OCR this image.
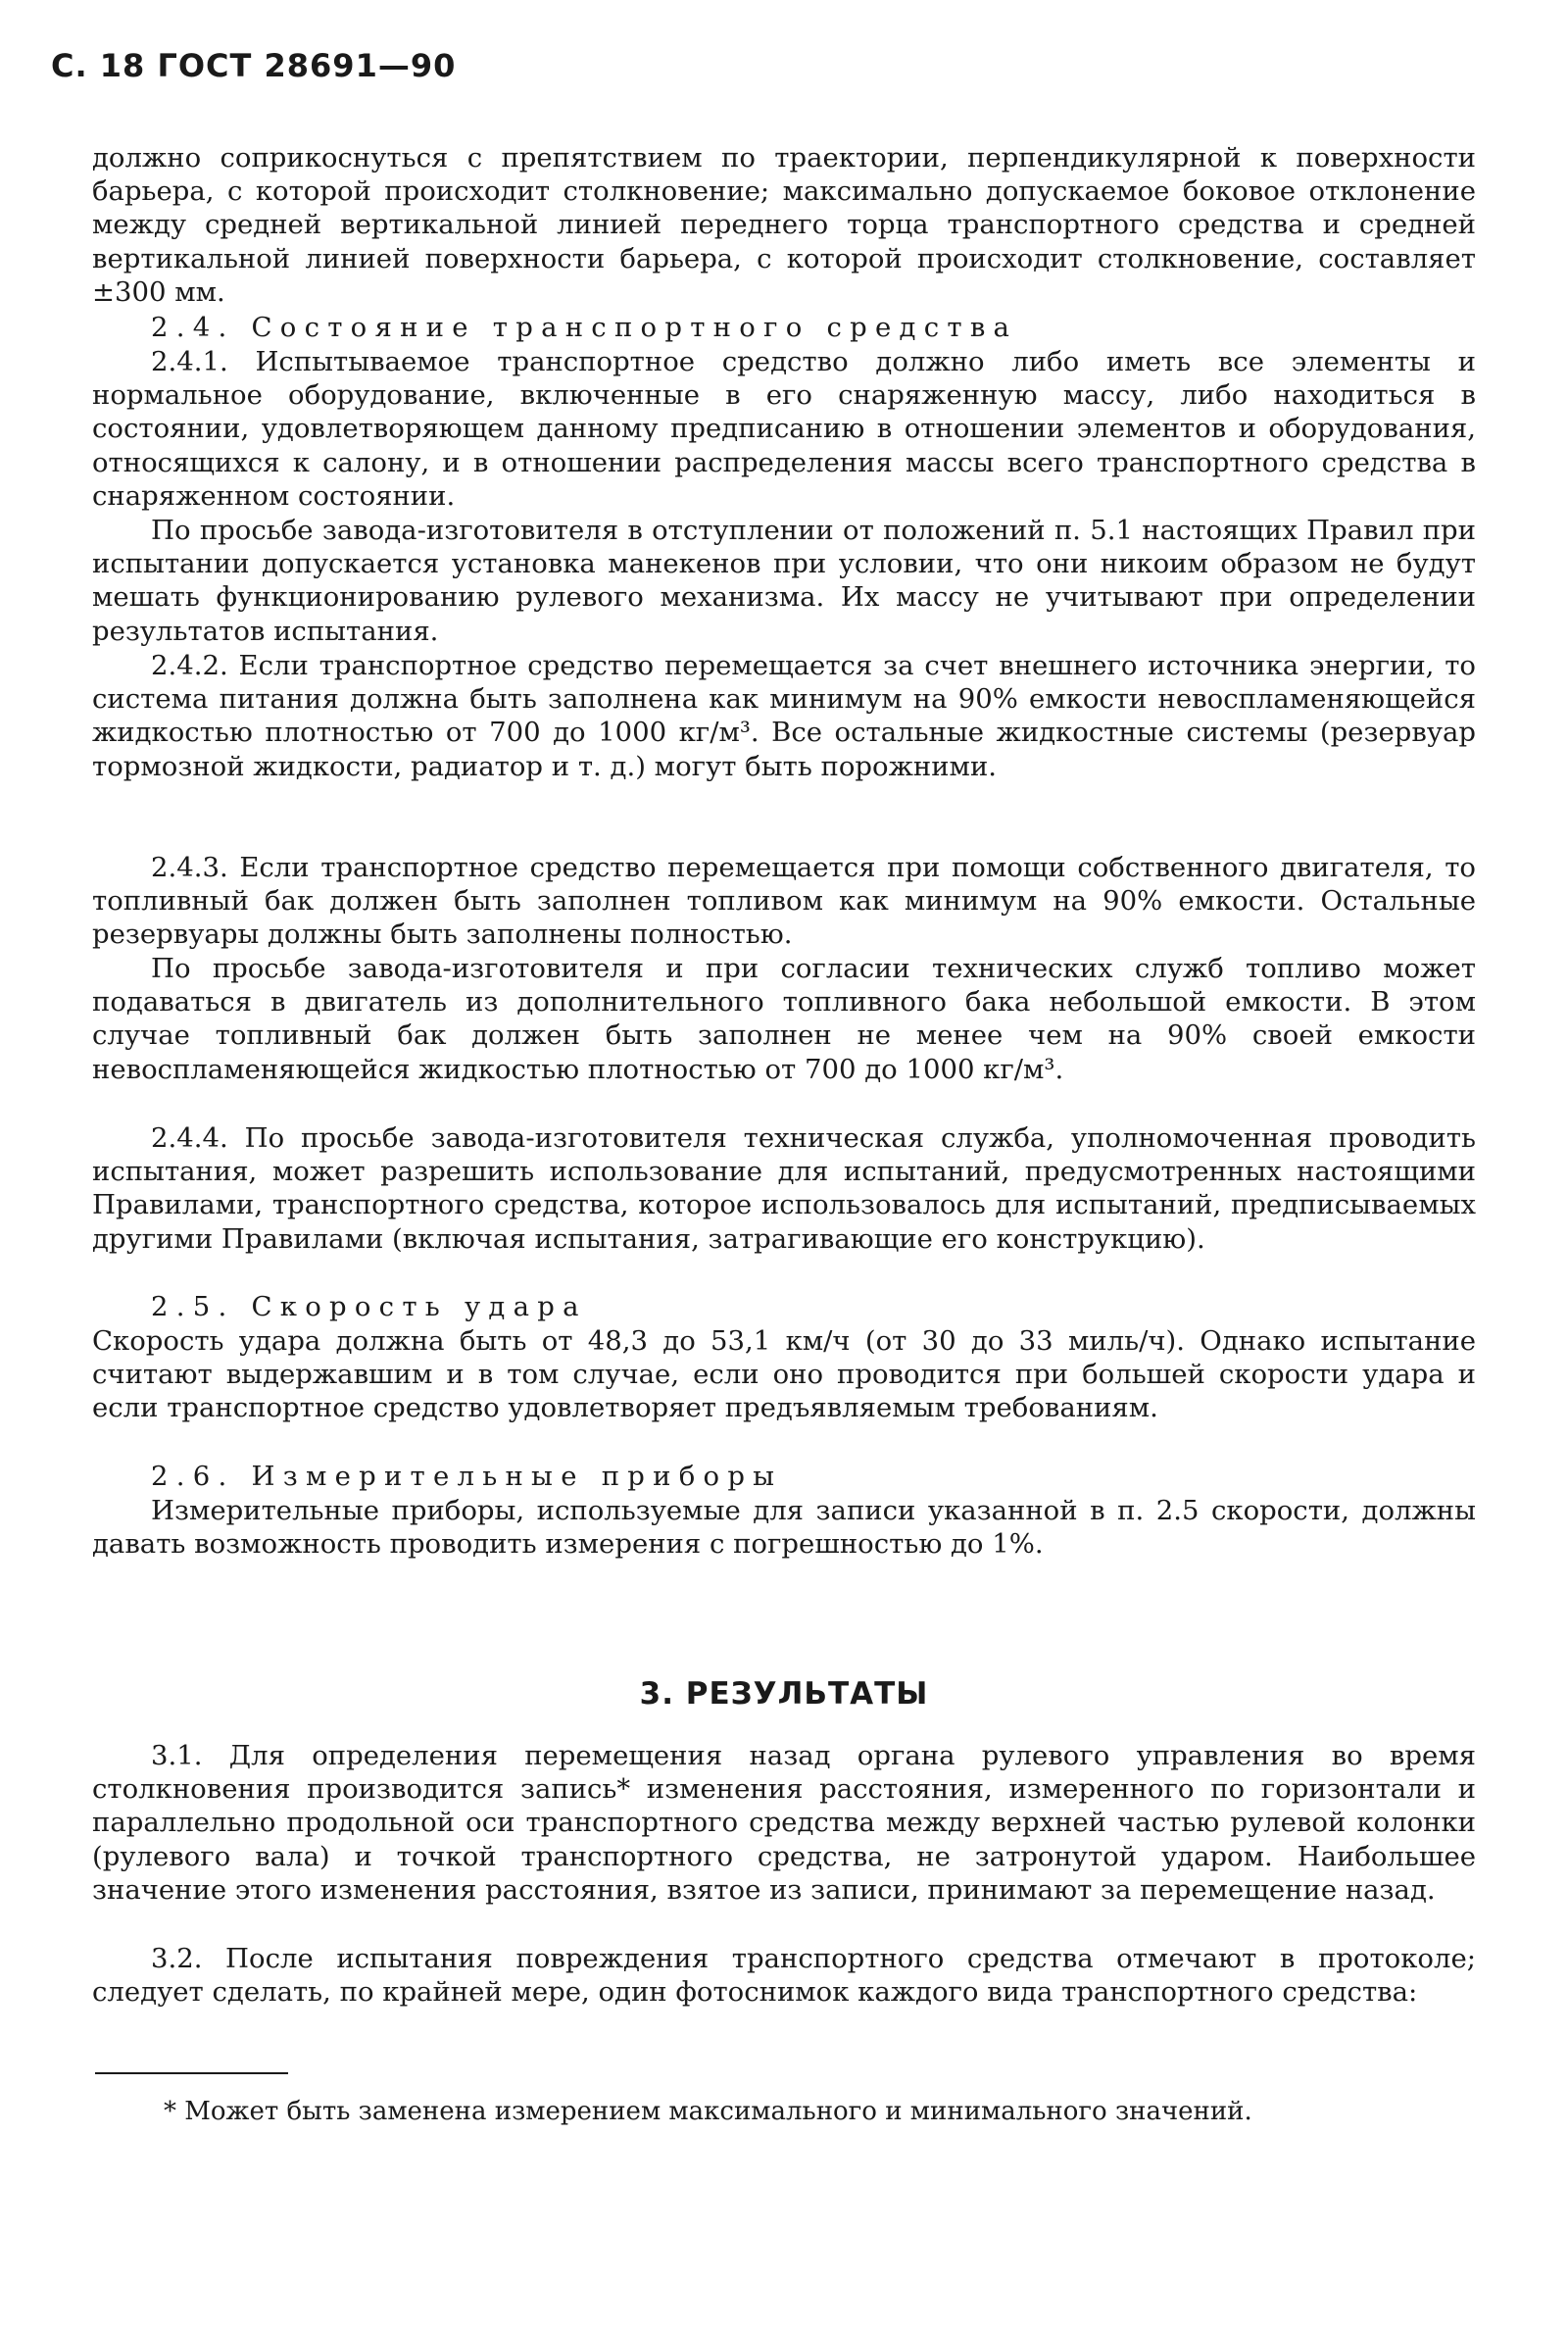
С. 18 ГОСТ 28691—90
должно соприкоснуться с препятствием по траектории, перпендикулярной к поверхности барьера, с которой происходит столкновение; максимально допускаемое боковое отклонение между средней вертикальной линией переднего торца транспортного средства и средней вертикальной линией поверхности барьера, с которой происходит столкновение, составляет ±300 мм.
2.4. Состояние транспортного средства
2.4.1. Испытываемое транспортное средство должно либо иметь все элементы и нормальное оборудование, включенные в его снаряженную массу, либо находиться в состоянии, удовлетворяющем данному предписанию в отношении элементов и оборудования, относящихся к салону, и в отношении распределения массы всего транспортного средства в снаряженном состоянии.
По просьбе завода-изготовителя в отступлении от положений п. 5.1 настоящих Правил при испытании допускается установка манекенов при условии, что они никоим образом не будут мешать функционированию рулевого механизма. Их массу не учитывают при определении результатов испытания.
2.4.2. Если транспортное средство перемещается за счет внешнего источника энергии, то система питания должна быть заполнена как минимум на 90% емкости невоспламеняющейся жидкостью плотностью от 700 до 1000 кг/м³. Все остальные жидкостные системы (резервуар тормозной жидкости, радиатор и т. д.) могут быть порожними.
2.4.3. Если транспортное средство перемещается при помощи собственного двигателя, то топливный бак должен быть заполнен топливом как минимум на 90% емкости. Остальные резервуары должны быть заполнены полностью.
По просьбе завода-изготовителя и при согласии технических служб топливо может подаваться в двигатель из дополнительного топливного бака небольшой емкости. В этом случае топливный бак должен быть заполнен не менее чем на 90% своей емкости невоспламеняющейся жидкостью плотностью от 700 до 1000 кг/м³.
2.4.4. По просьбе завода-изготовителя техническая служба, уполномоченная проводить испытания, может разрешить использование для испытаний, предусмотренных настоящими Правилами, транспортного средства, которое использовалось для испытаний, предписываемых другими Правилами (включая испытания, затрагивающие его конструкцию).
2.5. Скорость удара
Скорость удара должна быть от 48,3 до 53,1 км/ч (от 30 до 33 миль/ч). Однако испытание считают выдержавшим и в том случае, если оно проводится при большей скорости удара и если транспортное средство удовлетворяет предъявляемым требованиям.
2.6. Измерительные приборы
Измерительные приборы, используемые для записи указанной в п. 2.5 скорости, должны давать возможность проводить измерения с погрешностью до 1%.
3. РЕЗУЛЬТАТЫ
3.1. Для определения перемещения назад органа рулевого управления во время столкновения производится запись* изменения расстояния, измеренного по горизонтали и параллельно продольной оси транспортного средства между верхней частью рулевой колонки (рулевого вала) и точкой транспортного средства, не затронутой ударом. Наибольшее значение этого изменения расстояния, взятое из записи, принимают за перемещение назад.
3.2. После испытания повреждения транспортного средства отмечают в протоколе; следует сделать, по крайней мере, один фотоснимок каждого вида транспортного средства:
* Может быть заменена измерением максимального и минимального значений.
